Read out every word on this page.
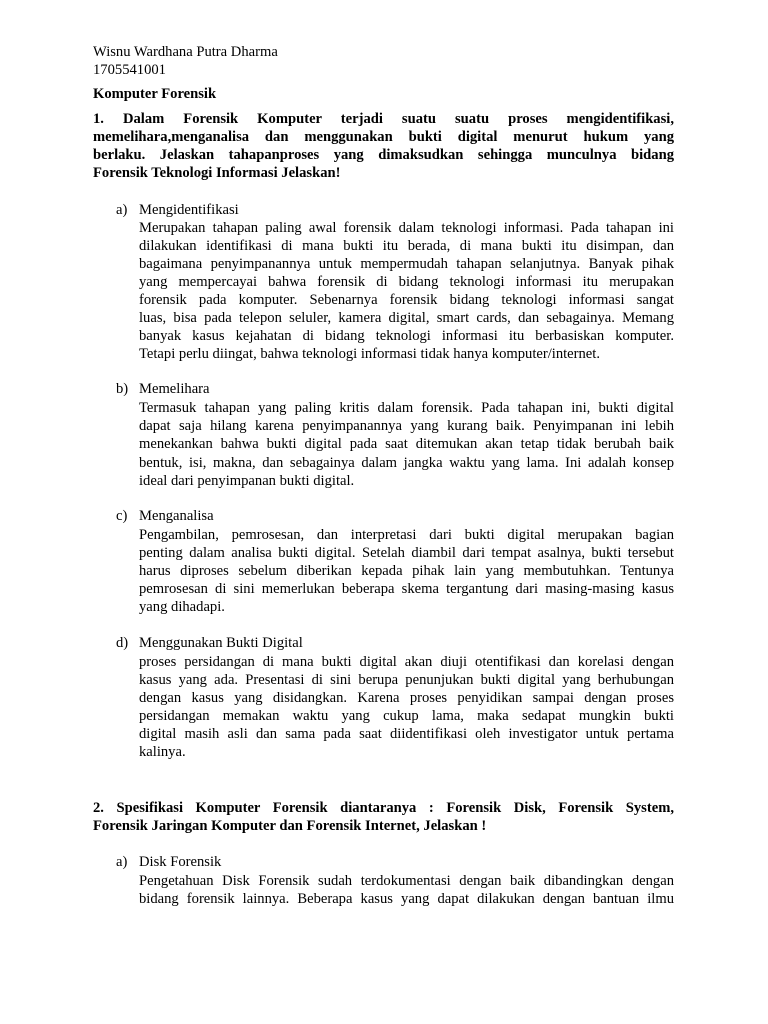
Wisnu Wardhana Putra Dharma
1705541001
Komputer Forensik
1. Dalam Forensik Komputer terjadi suatu suatu proses mengidentifikasi,
memelihara,menganalisa dan menggunakan bukti digital menurut hukum yang
berlaku. Jelaskan tahapanproses yang dimaksudkan sehingga munculnya bidang
Forensik Teknologi Informasi Jelaskan!
a) Mengidentifikasi
Merupakan tahapan paling awal forensik dalam teknologi informasi. Pada tahapan ini
dilakukan identifikasi di mana bukti itu berada, di mana bukti itu disimpan, dan
bagaimana penyimpanannya untuk mempermudah tahapan selanjutnya. Banyak pihak
yang mempercayai bahwa forensik di bidang teknologi informasi itu merupakan
forensik pada komputer. Sebenarnya forensik bidang teknologi informasi sangat
luas, bisa pada telepon seluler, kamera digital, smart cards, dan sebagainya. Memang
banyak kasus kejahatan di bidang teknologi informasi itu berbasiskan komputer.
Tetapi perlu diingat, bahwa teknologi informasi tidak hanya komputer/internet.
b) Memelihara
Termasuk tahapan yang paling kritis dalam forensik. Pada tahapan ini, bukti digital
dapat saja hilang karena penyimpanannya yang kurang baik. Penyimpanan ini lebih
menekankan bahwa bukti digital pada saat ditemukan akan tetap tidak berubah baik
bentuk, isi, makna, dan sebagainya dalam jangka waktu yang lama. Ini adalah konsep
ideal dari penyimpanan bukti digital.
c) Menganalisa
Pengambilan, pemrosesan, dan interpretasi dari bukti digital merupakan bagian
penting dalam analisa bukti digital. Setelah diambil dari tempat asalnya, bukti tersebut
harus diproses sebelum diberikan kepada pihak lain yang membutuhkan. Tentunya
pemrosesan di sini memerlukan beberapa skema tergantung dari masing-masing kasus
yang dihadapi.
d) Menggunakan Bukti Digital
proses persidangan di mana bukti digital akan diuji otentifikasi dan korelasi dengan
kasus yang ada. Presentasi di sini berupa penunjukan bukti digital yang berhubungan
dengan kasus yang disidangkan. Karena proses penyidikan sampai dengan proses
persidangan memakan waktu yang cukup lama, maka sedapat mungkin bukti
digital masih asli dan sama pada saat diidentifikasi oleh investigator untuk pertama
kalinya.
2. Spesifikasi Komputer Forensik diantaranya : Forensik Disk, Forensik System,
Forensik Jaringan Komputer dan Forensik Internet, Jelaskan !
a) Disk Forensik
Pengetahuan Disk Forensik sudah terdokumentasi dengan baik dibandingkan dengan
bidang forensik lainnya. Beberapa kasus yang dapat dilakukan dengan bantuan ilmu
